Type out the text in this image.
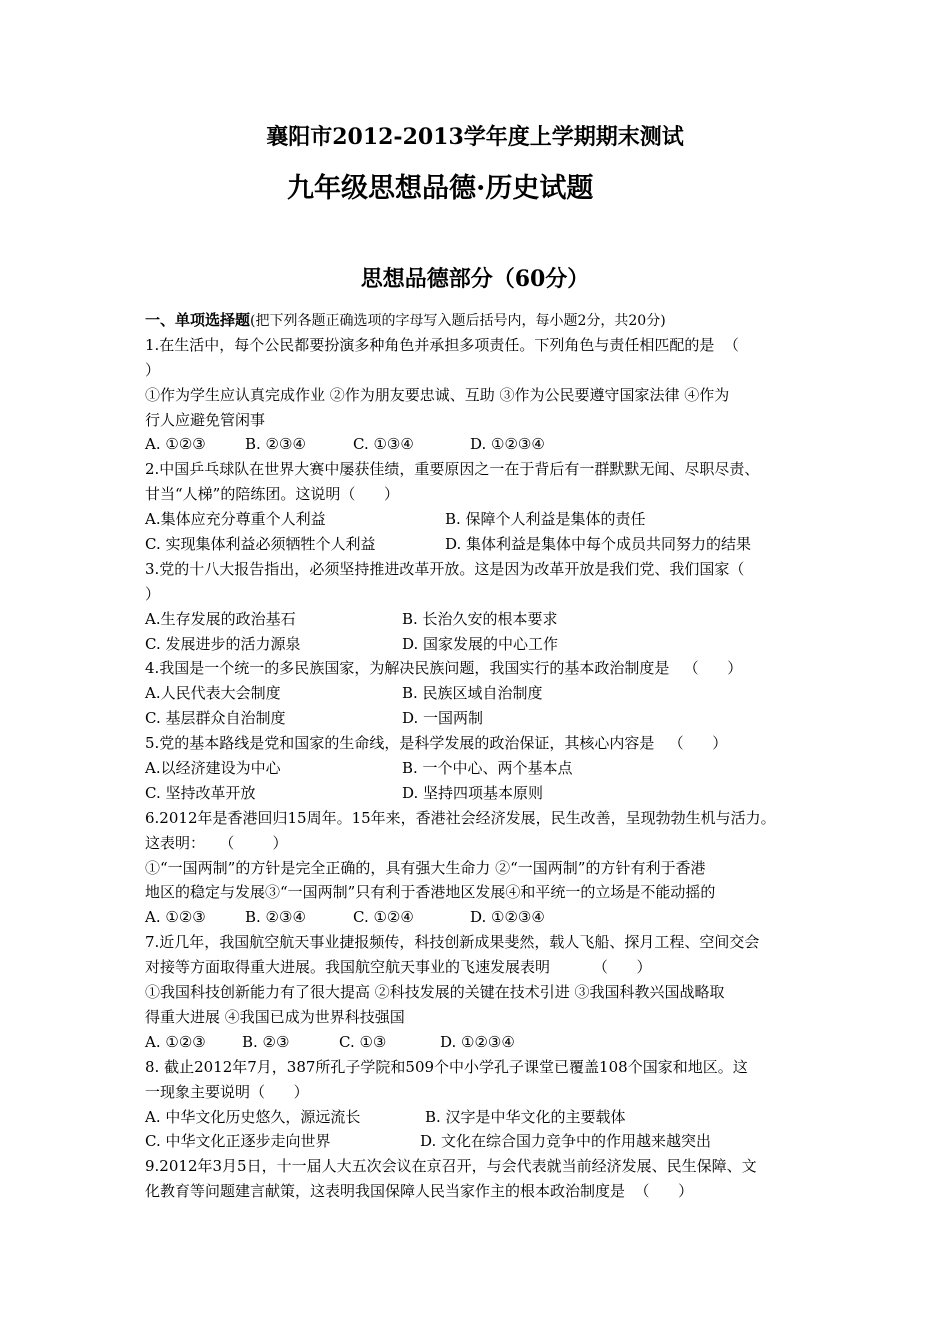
襄阳市2012-2013学年度上学期期末测试
九年级思想品德·历史试题
思想品德部分（60分）
一、单项选择题(把下列各题正确选项的字母写入题后括号内，每小题2分，共20分)
1.在生活中，每个公民都要扮演多种角色并承担多项责任。下列角色与责任相匹配的是  （
）
①作为学生应认真完成作业 ②作为朋友要忠诚、互助 ③作为公民要遵守国家法律 ④作为
行人应避免管闲事
A. ①②③	B. ②③④	C. ①③④	D. ①②③④
2.中国乒乓球队在世界大赛中屡获佳绩，重要原因之一在于背后有一群默默无闻、尽职尽责、
甘当“人梯”的陪练团。这说明（      ）
A.集体应充分尊重个人利益	B. 保障个人利益是集体的责任
C. 实现集体利益必须牺牲个人利益	D. 集体利益是集体中每个成员共同努力的结果
3.党的十八大报告指出，必须坚持推进改革开放。这是因为改革开放是我们党、我们国家（
）
A.生存发展的政治基石	B. 长治久安的根本要求
C. 发展进步的活力源泉	D. 国家发展的中心工作
4.我国是一个统一的多民族国家，为解决民族问题，我国实行的基本政治制度是   （      ）
A.人民代表大会制度	B. 民族区域自治制度
C. 基层群众自治制度	D. 一国两制
5.党的基本路线是党和国家的生命线，是科学发展的政治保证，其核心内容是   （      ）
A.以经济建设为中心	B. 一个中心、两个基本点
C. 坚持改革开放	D. 坚持四项基本原则
6.2012年是香港回归15周年。15年来，香港社会经济发展，民生改善，呈现勃勃生机与活力。
这表明：   （        ）
①“一国两制”的方针是完全正确的，具有强大生命力 ②“一国两制”的方针有利于香港
地区的稳定与发展③“一国两制”只有利于香港地区发展④和平统一的立场是不能动摇的
A. ①②③	B. ②③④	C. ①②④	D. ①②③④
7.近几年，我国航空航天事业捷报频传，科技创新成果斐然，载人飞船、探月工程、空间交会
对接等方面取得重大进展。我国航空航天事业的飞速发展表明         （      ）
①我国科技创新能力有了很大提高 ②科技发展的关键在技术引进 ③我国科教兴国战略取
得重大进展 ④我国已成为世界科技强国
A. ①②③	B. ②③	C. ①③	D. ①②③④
8. 截止2012年7月，387所孔子学院和509个中小学孔子课堂已覆盖108个国家和地区。这
一现象主要说明（      ）
A. 中华文化历史悠久，源远流长	B. 汉字是中华文化的主要载体
C. 中华文化正逐步走向世界	D. 文化在综合国力竞争中的作用越来越突出
9.2012年3月5日，十一届人大五次会议在京召开，与会代表就当前经济发展、民生保障、文
化教育等问题建言献策，这表明我国保障人民当家作主的根本政治制度是  （      ）
